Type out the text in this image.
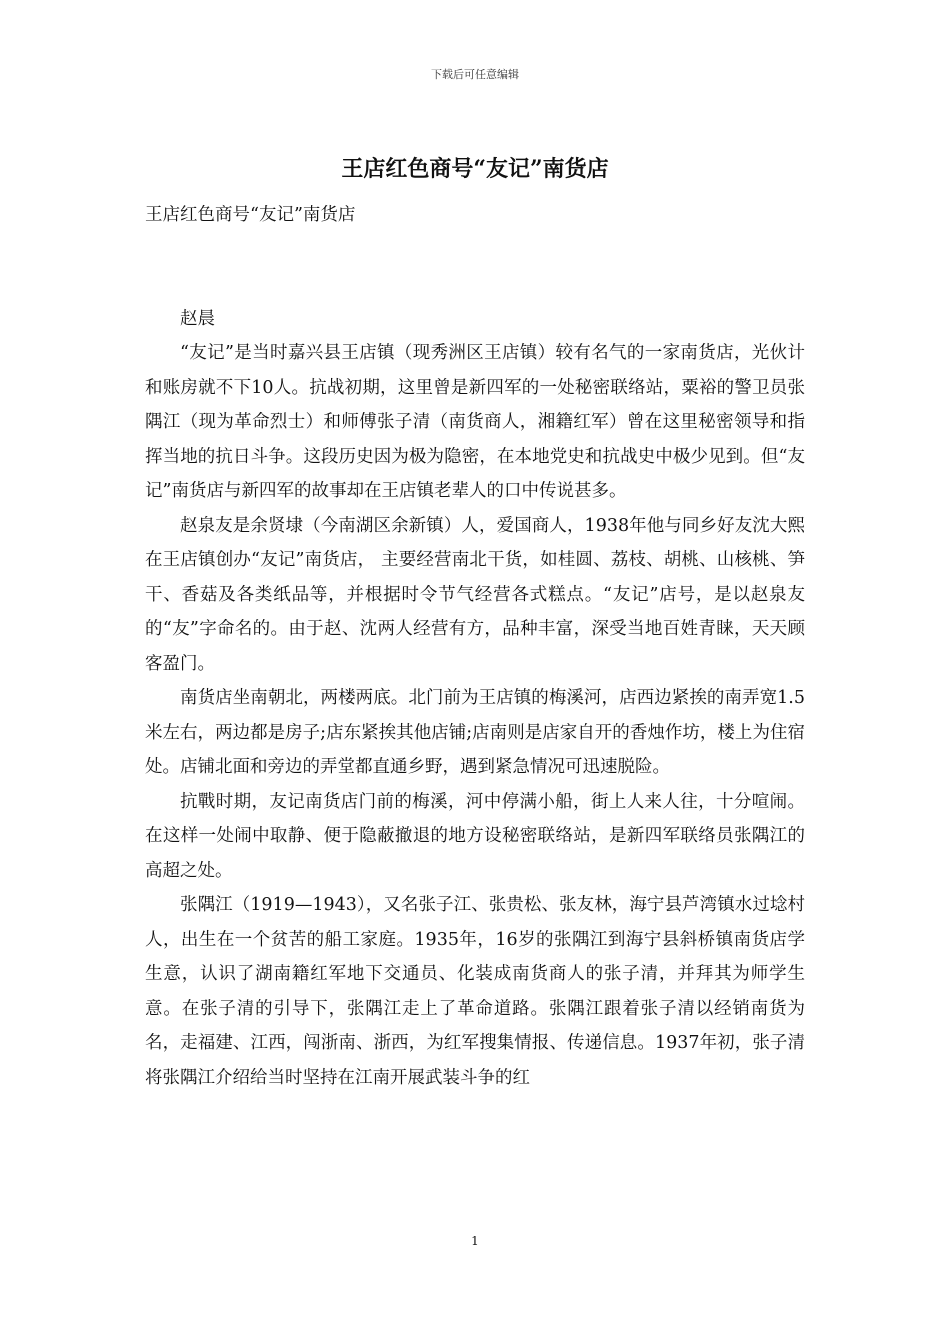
下载后可任意编辑
王店红色商号“友记”南货店

王店红色商号“友记”南货店

赵晨

“友记”是当时嘉兴县王店镇（现秀洲区王店镇）较有名气的一家南货店，光伙计和账房就不下10人。抗战初期，这里曾是新四军的一处秘密联络站，粟裕的警卫员张隅江（现为革命烈士）和师傅张子清（南货商人，湘籍红军）曾在这里秘密领导和指挥当地的抗日斗争。这段历史因为极为隐密，在本地党史和抗战史中极少见到。但“友记”南货店与新四军的故事却在王店镇老辈人的口中传说甚多。

赵泉友是余贤埭（今南湖区余新镇）人，爱国商人，1938年他与同乡好友沈大熙在王店镇创办“友记”南货店， 主要经营南北干货，如桂圆、荔枝、胡桃、山核桃、笋干、香菇及各类纸品等，并根据时令节气经营各式糕点。“友记”店号，是以赵泉友的“友”字命名的。由于赵、沈两人经营有方，品种丰富，深受当地百姓青睐，天天顾客盈门。

南货店坐南朝北，两楼两底。北门前为王店镇的梅溪河，店西边紧挨的南弄宽1.5米左右，两边都是房子;店东紧挨其他店铺;店南则是店家自开的香烛作坊，楼上为住宿处。店铺北面和旁边的弄堂都直通乡野，遇到紧急情况可迅速脱险。

抗戰时期，友记南货店门前的梅溪，河中停满小船，街上人来人往，十分喧闹。在这样一处闹中取静、便于隐蔽撤退的地方设秘密联络站，是新四军联络员张隅江的高超之处。

张隅江（1919—1943），又名张子江、张贵松、张友林，海宁县芦湾镇水过埝村人，出生在一个贫苦的船工家庭。1935年，16岁的张隅江到海宁县斜桥镇南货店学生意，认识了湖南籍红军地下交通员、化装成南货商人的张子清，并拜其为师学生意。在张子清的引导下，张隅江走上了革命道路。张隅江跟着张子清以经销南货为名，走福建、江西，闯浙南、浙西，为红军搜集情报、传递信息。1937年初，张子清将张隅江介绍给当时坚持在江南开展武装斗争的红

1
